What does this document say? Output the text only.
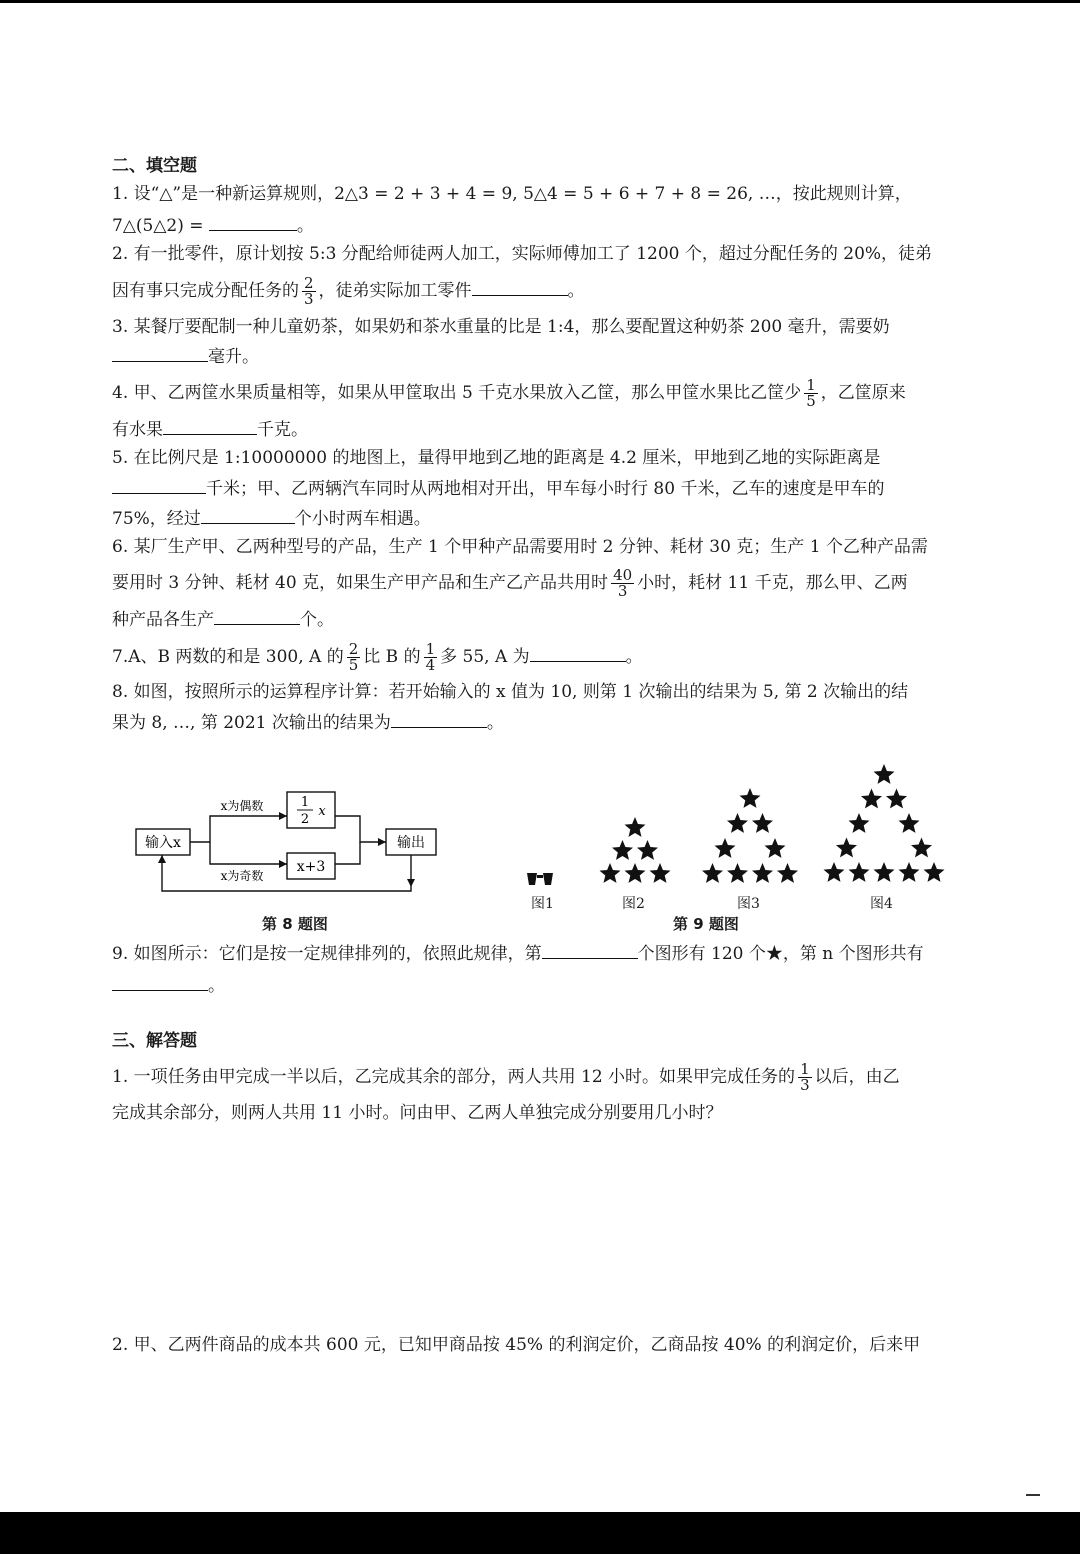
二、填空题
1. 设“△”是一种新运算规则，2△3 = 2 + 3 + 4 = 9, 5△4 = 5 + 6 + 7 + 8 = 26, …，按此规则计算，
7△(5△2) =	。
2. 有一批零件，原计划按 5:3 分配给师徒两人加工，实际师傅加工了 1200 个，超过分配任务的 20%，徒弟
因有事只完成分配任务的 $\frac{2}{3}$ ，徒弟实际加工零件	。
3. 某餐厅要配制一种儿童奶茶，如果奶和茶水重量的比是 1:4，那么要配置这种奶茶 200 毫升，需要奶
毫升。
4. 甲、乙两筐水果质量相等，如果从甲筐取出 5 千克水果放入乙筐，那么甲筐水果比乙筐少 $\frac{1}{5}$ ，乙筐原来
有水果	千克。
5. 在比例尺是 1:10000000 的地图上，量得甲地到乙地的距离是 4.2 厘米，甲地到乙地的实际距离是
千米；甲、乙两辆汽车同时从两地相对开出，甲车每小时行 80 千米，乙车的速度是甲车的
75%，经过	个小时两车相遇。
6. 某厂生产甲、乙两种型号的产品，生产 1 个甲种产品需要用时 2 分钟、耗材 30 克；生产 1 个乙种产品需
要用时 3 分钟、耗材 40 克，如果生产甲产品和生产乙产品共用时 $\frac{40}{3}$ 小时，耗材 11 千克，那么甲、乙两
种产品各生产	个。
7.A、B 两数的和是 300, A 的 $\frac{2}{5}$ 比 B 的 $\frac{1}{4}$ 多 55, A 为	。
8. 如图，按照所示的运算程序计算：若开始输入的 x 值为 10, 则第 1 次输出的结果为 5, 第 2 次输出的结
果为 8, …, 第 2021 次输出的结果为	。
输入x
x为偶数
x为奇数
1
2
x
x+3
输出
第 8 题图
图1	图2	图3	图4
第 9 题图
9. 如图所示：它们是按一定规律排列的，依照此规律，第	个图形有 120 个★，第 n 个图形共有
。
三、解答题
1. 一项任务由甲完成一半以后，乙完成其余的部分，两人共用 12 小时。如果甲完成任务的 $\frac{1}{3}$ 以后，由乙
完成其余部分，则两人共用 11 小时。问由甲、乙两人单独完成分别要用几小时？
2. 甲、乙两件商品的成本共 600 元，已知甲商品按 45% 的利润定价，乙商品按 40% 的利润定价，后来甲
